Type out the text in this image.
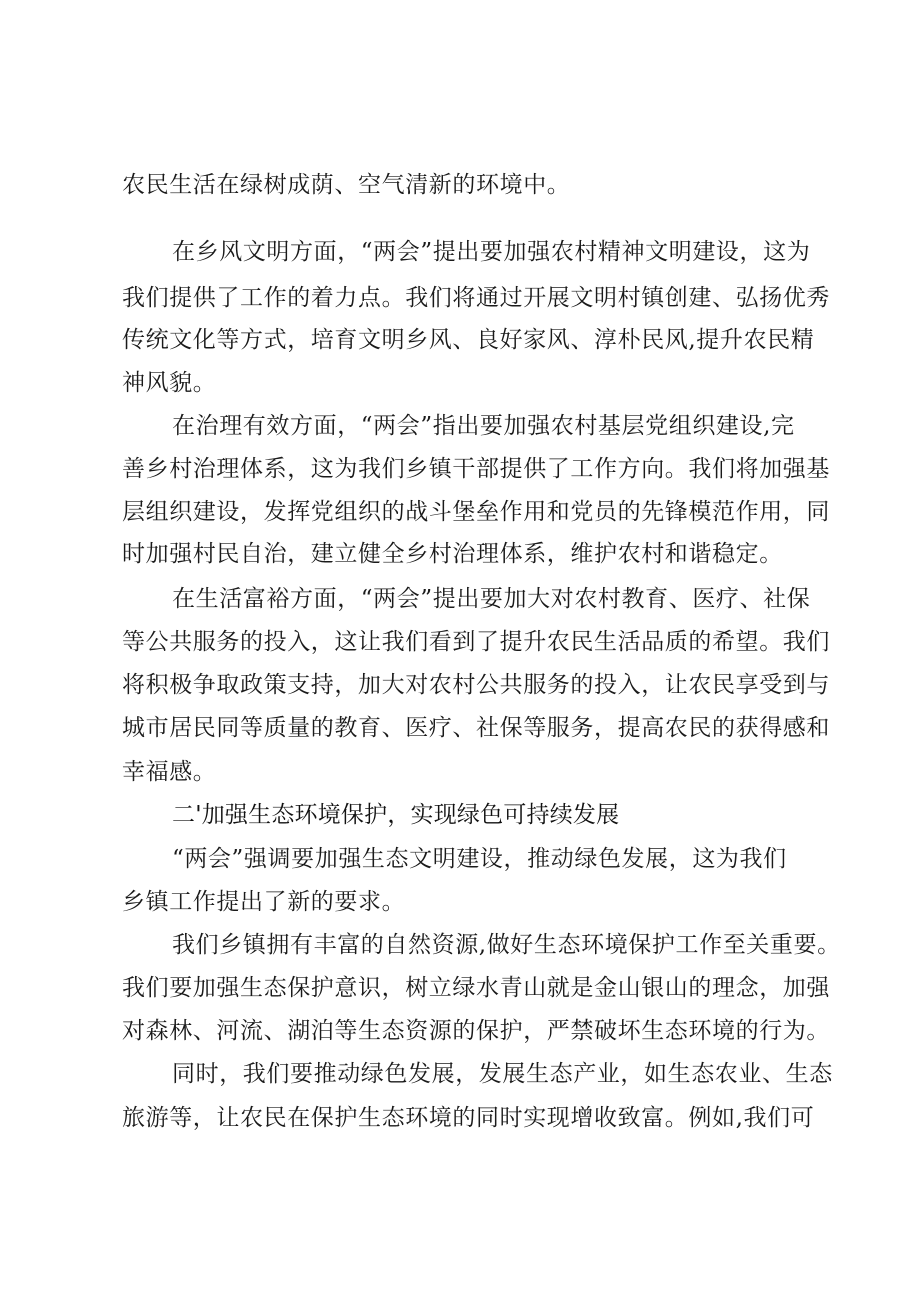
农民生活在绿树成荫、空气清新的环境中。
在乡风文明方面，“两会”提出要加强农村精神文明建设，这为
我们提供了工作的着力点。我们将通过开展文明村镇创建、弘扬优秀
传统文化等方式，培育文明乡风、良好家风、淳朴民风,提升农民精
神风貌。
在治理有效方面，“两会”指出要加强农村基层党组织建设,完
善乡村治理体系，这为我们乡镇干部提供了工作方向。我们将加强基
层组织建设，发挥党组织的战斗堡垒作用和党员的先锋模范作用，同
时加强村民自治，建立健全乡村治理体系，维护农村和谐稳定。
在生活富裕方面，“两会”提出要加大对农村教育、医疗、社保
等公共服务的投入，这让我们看到了提升农民生活品质的希望。我们
将积极争取政策支持，加大对农村公共服务的投入，让农民享受到与
城市居民同等质量的教育、医疗、社保等服务，提高农民的获得感和
幸福感。
二'加强生态环境保护，实现绿色可持续发展
“两会”强调要加强生态文明建设，推动绿色发展，这为我们
乡镇工作提出了新的要求。
我们乡镇拥有丰富的自然资源,做好生态环境保护工作至关重要。
我们要加强生态保护意识，树立绿水青山就是金山银山的理念，加强
对森林、河流、湖泊等生态资源的保护，严禁破坏生态环境的行为。
同时，我们要推动绿色发展，发展生态产业，如生态农业、生态
旅游等，让农民在保护生态环境的同时实现增收致富。例如,我们可
